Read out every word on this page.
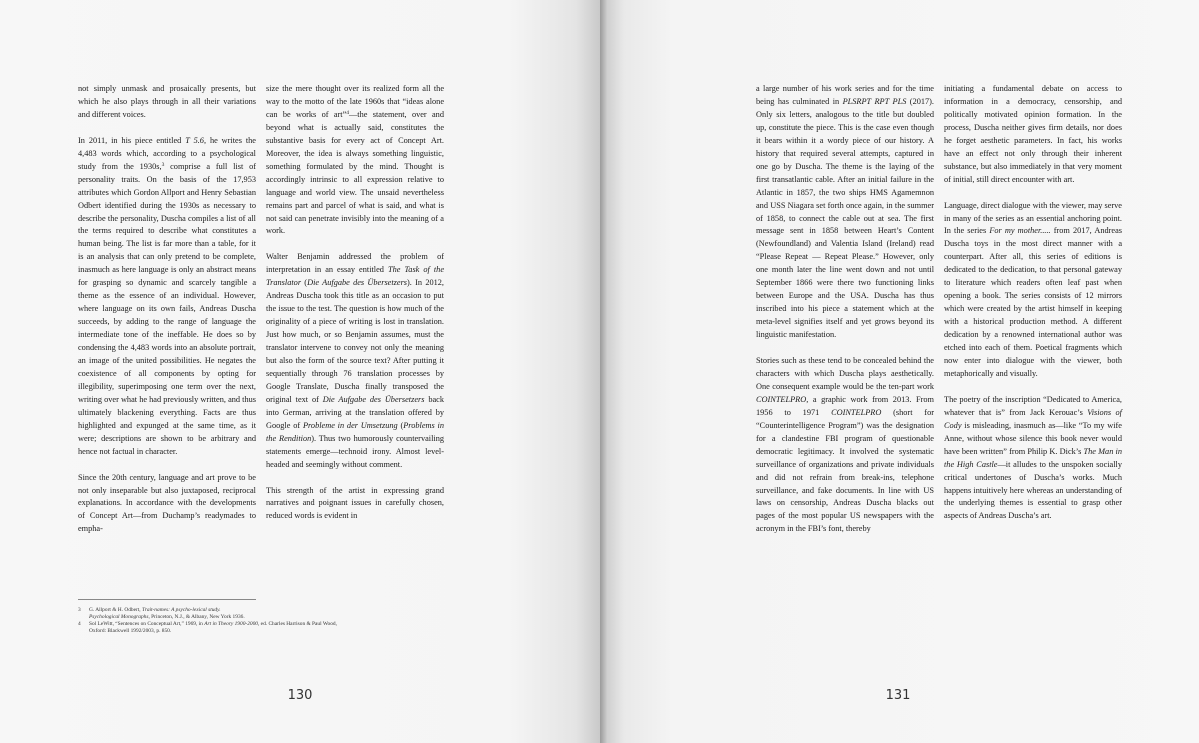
not simply unmask and prosaically presents, but which he also plays through in all their variations and different voices.

In 2011, in his piece entitled T 5.6, he writes the 4,483 words which, according to a psychological study from the 1930s,$^3$ comprise a full list of personality traits. On the basis of the 17,953 attributes which Gordon Allport and Henry Sebastian Odbert identified during the 1930s as necessary to describe the personality, Duscha compiles a list of all the terms required to describe what constitutes a human being. The list is far more than a table, for it is an analysis that can only pretend to be complete, inasmuch as here language is only an abstract means for grasping so dynamic and scarcely tangible a theme as the essence of an individual. However, where language on its own fails, Andreas Duscha succeeds, by adding to the range of language the intermediate tone of the ineffable. He does so by condensing the 4,483 words into an absolute portrait, an image of the united possibilities. He negates the coexistence of all components by opting for illegibility, superimposing one term over the next, writing over what he had previously written, and thus ultimately blackening everything. Facts are thus highlighted and expunged at the same time, as it were; descriptions are shown to be arbitrary and hence not factual in character.

Since the 20th century, language and art prove to be not only inseparable but also juxtaposed, reciprocal explanations. In accordance with the developments of Concept Art—from Duchamp’s readymades to empha-

size the mere thought over its realized form all the way to the motto of the late 1960s that “ideas alone can be works of art”$^4$—the statement, over and beyond what is actually said, constitutes the substantive basis for every act of Concept Art. Moreover, the idea is always something linguistic, something formulated by the mind. Thought is accordingly intrinsic to all expression relative to language and world view. The unsaid nevertheless remains part and parcel of what is said, and what is not said can penetrate invisibly into the meaning of a work.

Walter Benjamin addressed the problem of interpretation in an essay entitled The Task of the Translator (Die Aufgabe des Übersetzers). In 2012, Andreas Duscha took this title as an occasion to put the issue to the test. The question is how much of the originality of a piece of writing is lost in translation. Just how much, or so Benjamin assumes, must the translator intervene to convey not only the meaning but also the form of the source text? After putting it sequentially through 76 translation processes by Google Translate, Duscha finally transposed the original text of Die Aufgabe des Übersetzers back into German, arriving at the translation offered by Google of Probleme in der Umsetzung (Problems in the Rendition). Thus two humorously countervailing statements emerge—technoid irony. Almost level-headed and seemingly without comment.

This strength of the artist in expressing grand narratives and poignant issues in carefully chosen, reduced words is evident in

3	G. Allport & H. Odbert, Trait-names: A psycho-lexical study.
Psychological Monographs, Princeton, N.J., & Albany, New York 1936.
4	Sol LeWitt, “Sentences on Conceptual Art,” 1969, in Art in Theory 1900-2000, ed. Charles Harrison & Paul Wood,
Oxford: Blackwell 1992/2003, p. 850.
130

a large number of his work series and for the time being has culminated in PLSRPT RPT PLS (2017). Only six letters, analogous to the title but doubled up, constitute the piece. This is the case even though it bears within it a wordy piece of our history. A history that required several attempts, captured in one go by Duscha. The theme is the laying of the first transatlantic cable. After an initial failure in the Atlantic in 1857, the two ships HMS Agamemnon and USS Niagara set forth once again, in the summer of 1858, to connect the cable out at sea. The first message sent in 1858 between Heart’s Content (Newfoundland) and Valentia Island (Ireland) read “Please Repeat — Repeat Please.” However, only one month later the line went down and not until September 1866 were there two functioning links between Europe and the USA. Duscha has thus inscribed into his piece a statement which at the meta-level signifies itself and yet grows beyond its linguistic manifestation.

Stories such as these tend to be concealed behind the characters with which Duscha plays aesthetically. One consequent example would be the ten-part work COINTELPRO, a graphic work from 2013. From 1956 to 1971 COINTELPRO (short for “Counterintelligence Program”) was the designation for a clandestine FBI program of questionable democratic legitimacy. It involved the systematic surveillance of organizations and private individuals and did not refrain from break-ins, telephone surveillance, and fake documents. In line with US laws on censorship, Andreas Duscha blacks out pages of the most popular US newspapers with the acronym in the FBI’s font, thereby

initiating a fundamental debate on access to information in a democracy, censorship, and politically motivated opinion formation. In the process, Duscha neither gives firm details, nor does he forget aesthetic parameters. In fact, his works have an effect not only through their inherent substance, but also immediately in that very moment of initial, still direct encounter with art.

Language, direct dialogue with the viewer, may serve in many of the series as an essential anchoring point. In the series For my mother..... from 2017, Andreas Duscha toys in the most direct manner with a counterpart. After all, this series of editions is dedicated to the dedication, to that personal gateway to literature which readers often leaf past when opening a book. The series consists of 12 mirrors which were created by the artist himself in keeping with a historical production method. A different dedication by a renowned international author was etched into each of them. Poetical fragments which now enter into dialogue with the viewer, both metaphorically and visually.

The poetry of the inscription “Dedicated to America, whatever that is” from Jack Kerouac’s Visions of Cody is misleading, inasmuch as—like “To my wife Anne, without whose silence this book never would have been written” from Philip K. Dick’s The Man in the High Castle—it alludes to the unspoken socially critical undertones of Duscha’s works. Much happens intuitively here whereas an understanding of the underlying themes is essential to grasp other aspects of Andreas Duscha’s art.

131
